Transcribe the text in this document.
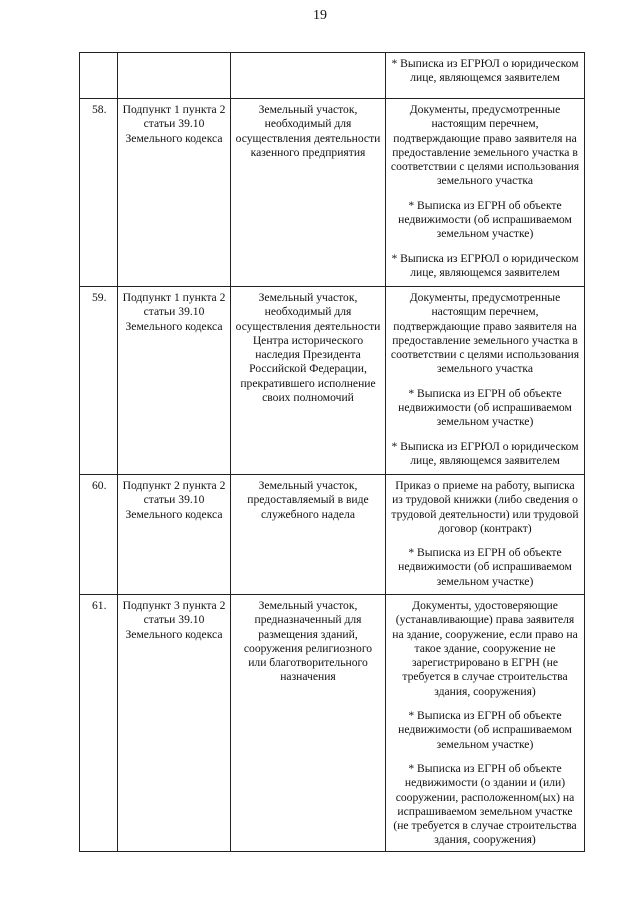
19

			* Выписка из ЕГРЮЛ о юридическом лице, являющемся заявителем

58.	Подпункт 1 пункта 2 статьи 39.10 Земельного кодекса	Земельный участок, необходимый для осуществления деятельности казенного предприятия	Документы, предусмотренные настоящим перечнем, подтверждающие право заявителя на предоставление земельного участка в соответствии с целями использования земельного участка
* Выписка из ЕГРН об объекте недвижимости (об испрашиваемом земельном участке)
* Выписка из ЕГРЮЛ о юридическом лице, являющемся заявителем

59.	Подпункт 1 пункта 2 статьи 39.10 Земельного кодекса	Земельный участок, необходимый для осуществления деятельности Центра исторического наследия Президента Российской Федерации, прекратившего исполнение своих полномочий	Документы, предусмотренные настоящим перечнем, подтверждающие право заявителя на предоставление земельного участка в соответствии с целями использования земельного участка
* Выписка из ЕГРН об объекте недвижимости (об испрашиваемом земельном участке)
* Выписка из ЕГРЮЛ о юридическом лице, являющемся заявителем

60.	Подпункт 2 пункта 2 статьи 39.10 Земельного кодекса	Земельный участок, предоставляемый в виде служебного надела	Приказ о приеме на работу, выписка из трудовой книжки (либо сведения о трудовой деятельности) или трудовой договор (контракт)
* Выписка из ЕГРН об объекте недвижимости (об испрашиваемом земельном участке)

61.	Подпункт 3 пункта 2 статьи 39.10 Земельного кодекса	Земельный участок, предназначенный для размещения зданий, сооружения религиозного или благотворительного назначения	Документы, удостоверяющие (устанавливающие) права заявителя на здание, сооружение, если право на такое здание, сооружение не зарегистрировано в ЕГРН (не требуется в случае строительства здания, сооружения)
* Выписка из ЕГРН об объекте недвижимости (об испрашиваемом земельном участке)
* Выписка из ЕГРН об объекте недвижимости (о здании и (или) сооружении, расположенном(ых) на испрашиваемом земельном участке (не требуется в случае строительства здания, сооружения)
